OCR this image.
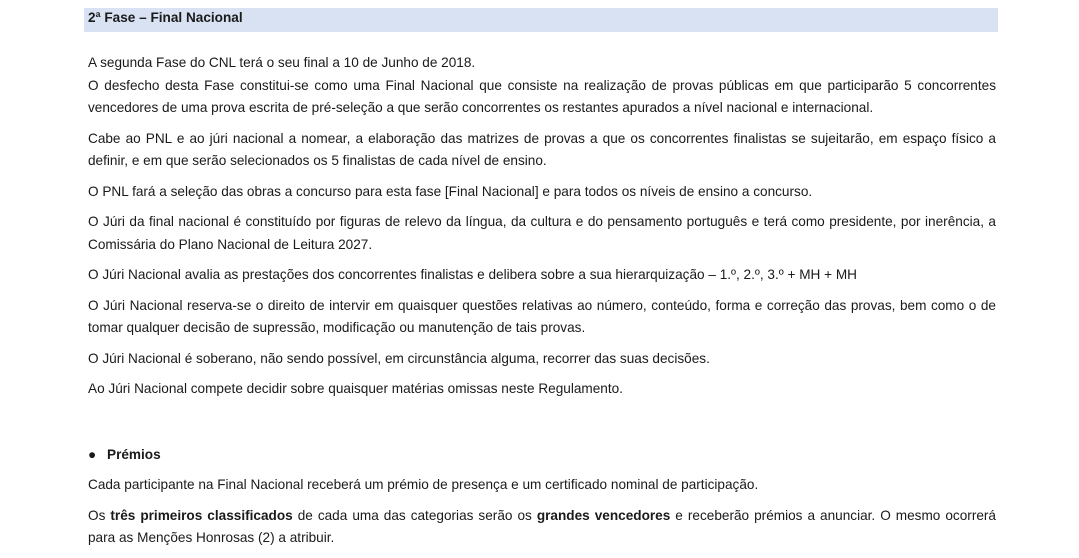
2ª Fase – Final Nacional

A segunda Fase do CNL terá o seu final a 10 de Junho de 2018.

O desfecho desta Fase constitui-se como uma Final Nacional que consiste na realização de provas públicas em que participarão 5 concorrentes vencedores de uma prova escrita de pré-seleção a que serão concorrentes os restantes apurados a nível nacional e internacional.

Cabe ao PNL e ao júri nacional a nomear, a elaboração das matrizes de provas a que os concorrentes finalistas se sujeitarão, em espaço físico a definir, e em que serão selecionados os 5 finalistas de cada nível de ensino.

O PNL fará a seleção das obras a concurso para esta fase [Final Nacional] e para todos os níveis de ensino a concurso.

O Júri da final nacional é constituído por figuras de relevo da língua, da cultura e do pensamento português e terá como presidente, por inerência, a Comissária do Plano Nacional de Leitura 2027.

O Júri Nacional avalia as prestações dos concorrentes finalistas e delibera sobre a sua hierarquização – 1.º, 2.º, 3.º + MH + MH

O Júri Nacional reserva-se o direito de intervir em quaisquer questões relativas ao número, conteúdo, forma e correção das provas, bem como o de tomar qualquer decisão de supressão, modificação ou manutenção de tais provas.

O Júri Nacional é soberano, não sendo possível, em circunstância alguma, recorrer das suas decisões.

Ao Júri Nacional compete decidir sobre quaisquer matérias omissas neste Regulamento.

● Prémios

Cada participante na Final Nacional receberá um prémio de presença e um certificado nominal de participação.

Os três primeiros classificados de cada uma das categorias serão os grandes vencedores e receberão prémios a anunciar. O mesmo ocorrerá para as Menções Honrosas (2) a atribuir.
